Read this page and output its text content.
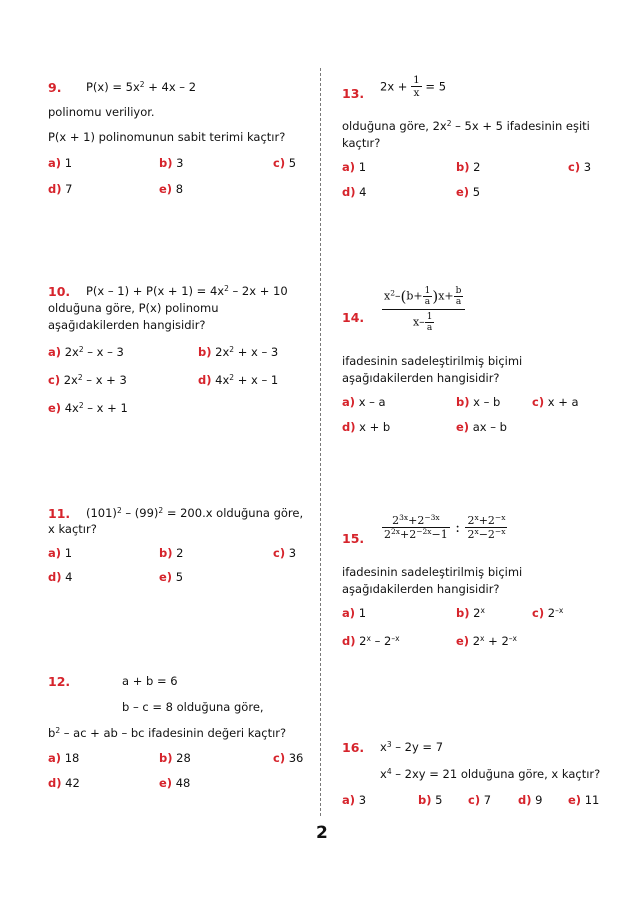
9. $P(x) = 5x^2 + 4x - 2$
polinomu veriliyor.
P(x + 1) polinomunun sabit terimi kaçtır?
a) 1	b) 3	c) 5
d) 7	e) 8
10. $P(x - 1) + P(x + 1) = 4x^2 - 2x + 10$
olduğuna göre, P(x) polinomu
aşağıdakilerden hangisidir?
a) $2x^2$ – x – 3	b) $2x^2 + x - 3$
c) $2x^2 - x + 3$	d) $4x^2 + x - 1$
e) $4x^2 - x + 1$
11. $(101)^2 - (99)^2 = 200.x$ olduğuna göre,
x kaçtır?
a) 1	b) 2	c) 3
d) 4	e) 5
12.	a + b = 6
b – c = 8 olduğuna göre,
$b^2$ – ac + ab – bc ifadesinin değeri kaçtır?
a) 18	b) 28	c) 36
d) 42	e) 48
13. $2x + \frac{1}{x} = 5$
olduğuna göre, $2x^2 - 5x + 5$ ifadesinin eşiti
kaçtır?
a) 1	b) 2	c) 3
d) 4	e) 5
14. $\frac{x^2-(b+ \frac{1}{a} )x+ \frac{b}{a}}{x- \frac{1}{a}}$
ifadesinin sadeleştirilmiş biçimi
aşağıdakilerden hangisidir?
a) x – a	b) x – b	c) x + a
d) x + b	e) ax – b
15. $\frac{2^{3x}+2^{-3x}}{2^{2x}+2^{-2x}-1}$ : $\frac{2^x+2^{-x}}{2^x-2^{-x}}$
ifadesinin sadeleştirilmiş biçimi
aşağıdakilerden hangisidir?
a) 1	b) 2$^x$	c) $2^{-x}$
d) $2^x - 2^{-x}$	e) $2^x + 2^{-x}$
16. $x^3 - 2y = 7$
$x^4 - 2xy = 21$ olduğuna göre, x kaçtır?
a) 3	b) 5 c) 7 d) 9 e) 11
2
